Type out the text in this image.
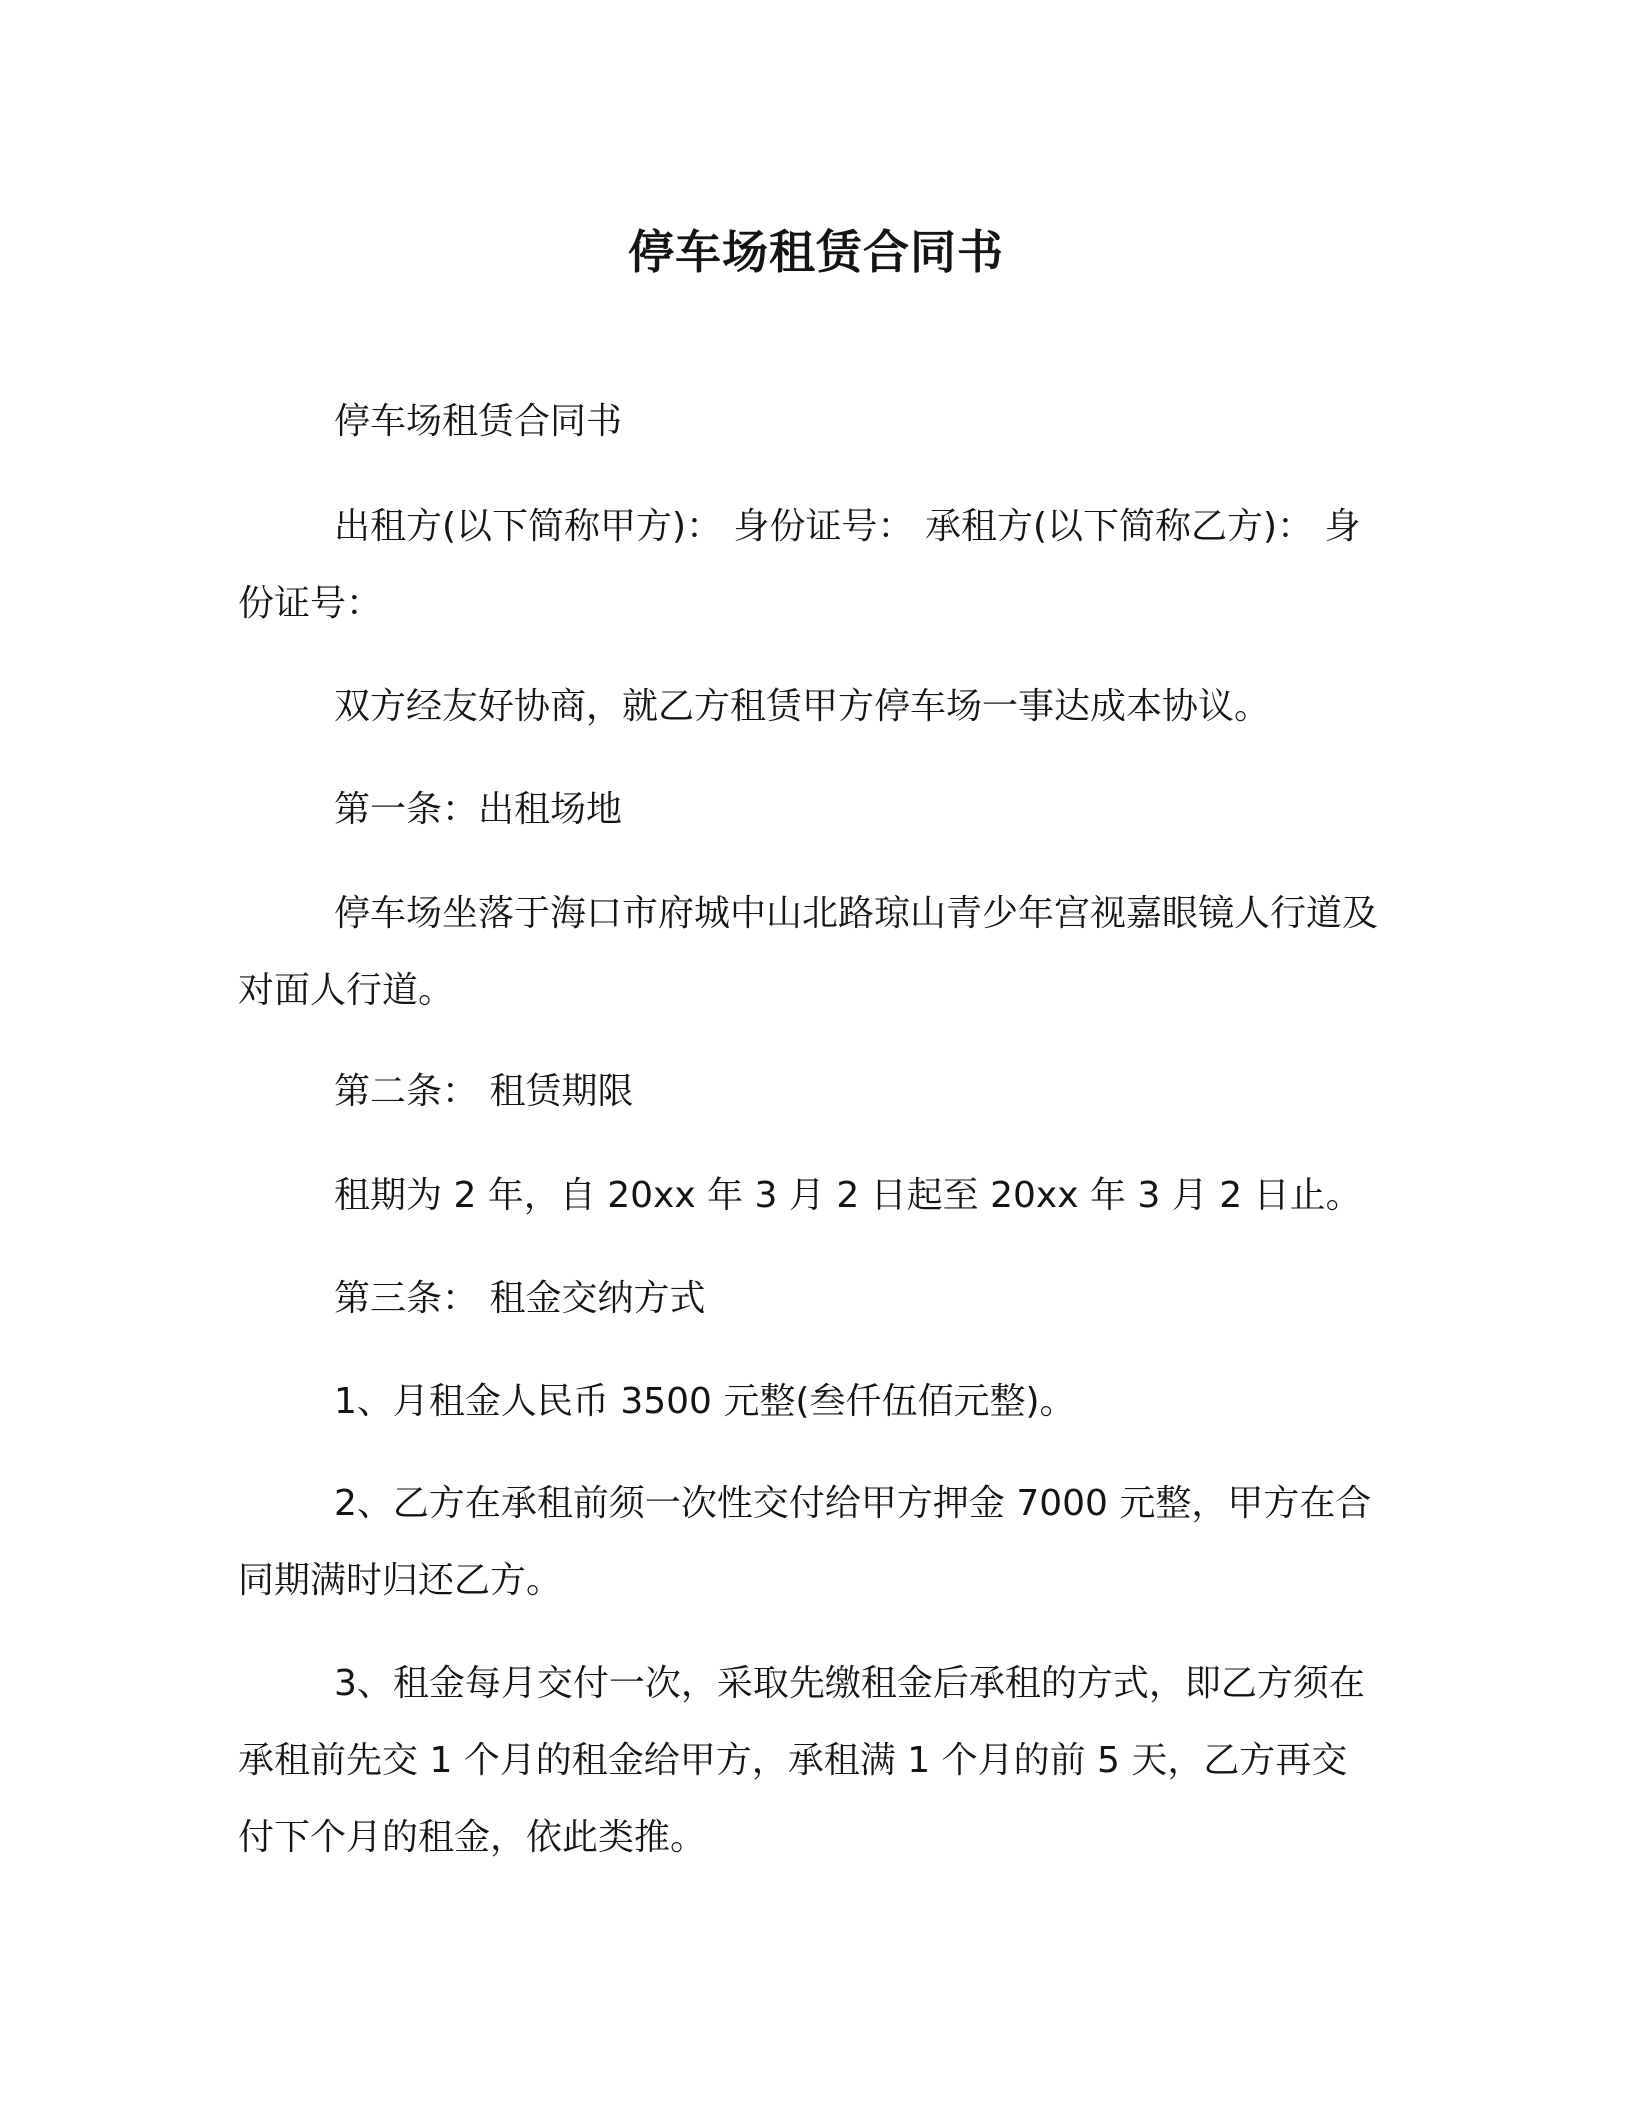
停车场租赁合同书

停车场租赁合同书

出租方(以下简称甲方)： 身份证号： 承租方(以下简称乙方)： 身份证号：

双方经友好协商，就乙方租赁甲方停车场一事达成本协议。

第一条：出租场地

停车场坐落于海口市府城中山北路琼山青少年宫视嘉眼镜人行道及对面人行道。

第二条： 租赁期限

租期为 2 年，自 20xx 年 3 月 2 日起至 20xx 年 3 月 2 日止。

第三条： 租金交纳方式

1、月租金人民币 3500 元整(叁仟伍佰元整)。

2、乙方在承租前须一次性交付给甲方押金 7000 元整，甲方在合同期满时归还乙方。

3、租金每月交付一次，采取先缴租金后承租的方式，即乙方须在承租前先交 1 个月的租金给甲方，承租满 1 个月的前 5 天，乙方再交付下个月的租金，依此类推。
